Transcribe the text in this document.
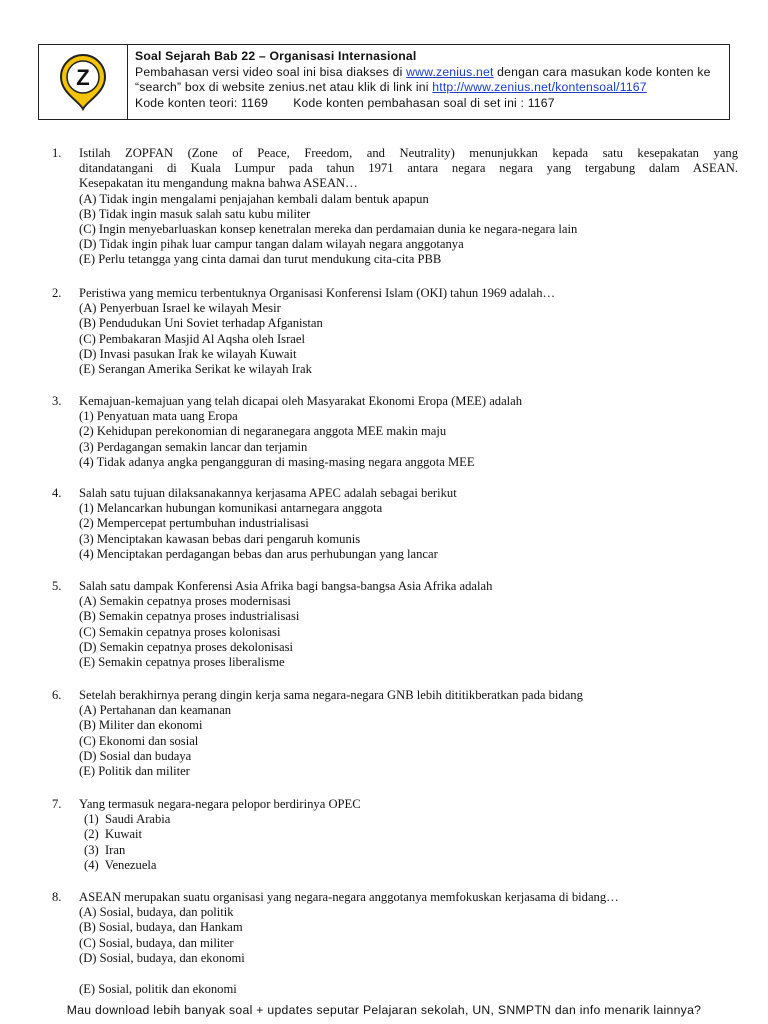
Z
Soal Sejarah Bab 22 – Organisasi Internasional
Pembahasan versi video soal ini bisa diakses di www.zenius.net dengan cara masukan kode konten ke
“search” box di website zenius.net atau klik di link ini http://www.zenius.net/kontensoal/1167
Kode konten teori: 1169       Kode konten pembahasan soal di set ini : 1167
1.	Istilah ZOPFAN (Zone of Peace, Freedom, and Neutrality) menunjukkan kepada satu kesepakatan yang
ditandatangani di Kuala Lumpur pada tahun 1971 antara negara negara yang tergabung dalam ASEAN.
Kesepakatan itu mengandung makna bahwa ASEAN…
(A) Tidak ingin mengalami penjajahan kembali dalam bentuk apapun
(B) Tidak ingin masuk salah satu kubu militer
(C) Ingin menyebarluaskan konsep kenetralan mereka dan perdamaian dunia ke negara-negara lain
(D) Tidak ingin pihak luar campur tangan dalam wilayah negara anggotanya
(E) Perlu tetangga yang cinta damai dan turut mendukung cita-cita PBB
2.	Peristiwa yang memicu terbentuknya Organisasi Konferensi Islam (OKI) tahun 1969 adalah…
(A) Penyerbuan Israel ke wilayah Mesir
(B) Pendudukan Uni Soviet terhadap Afganistan
(C) Pembakaran Masjid Al Aqsha oleh Israel
(D) Invasi pasukan Irak ke wilayah Kuwait
(E) Serangan Amerika Serikat ke wilayah Irak
3.	Kemajuan-kemajuan yang telah dicapai oleh Masyarakat Ekonomi Eropa (MEE) adalah
(1) Penyatuan mata uang Eropa
(2) Kehidupan perekonomian di negaranegara anggota MEE makin maju
(3) Perdagangan semakin lancar dan terjamin
(4) Tidak adanya angka pengangguran di masing-masing negara anggota MEE
4.	Salah satu tujuan dilaksanakannya kerjasama APEC adalah sebagai berikut
(1) Melancarkan hubungan komunikasi antarnegara anggota
(2) Mempercepat pertumbuhan industrialisasi
(3) Menciptakan kawasan bebas dari pengaruh komunis
(4) Menciptakan perdagangan bebas dan arus perhubungan yang lancar
5.	Salah satu dampak Konferensi Asia Afrika bagi bangsa-bangsa Asia Afrika adalah
(A) Semakin cepatnya proses modernisasi
(B) Semakin cepatnya proses industrialisasi
(C) Semakin cepatnya proses kolonisasi
(D) Semakin cepatnya proses dekolonisasi
(E) Semakin cepatnya proses liberalisme
6.	Setelah berakhirnya perang dingin kerja sama negara-negara GNB lebih dititikberatkan pada bidang
(A) Pertahanan dan keamanan
(B) Militer dan ekonomi
(C) Ekonomi dan sosial
(D) Sosial dan budaya
(E) Politik dan militer
7.	Yang termasuk negara-negara pelopor berdirinya OPEC
(1)  Saudi Arabia
(2)  Kuwait
(3)  Iran
(4)  Venezuela
8.	ASEAN merupakan suatu organisasi yang negara-negara anggotanya memfokuskan kerjasama di bidang…
(A) Sosial, budaya, dan politik
(B) Sosial, budaya, dan Hankam
(C) Sosial, budaya, dan militer
(D) Sosial, budaya, dan ekonomi
(E) Sosial, politik dan ekonomi
Mau download lebih banyak soal + updates seputar Pelajaran sekolah, UN, SNMPTN dan info menarik lainnya?
